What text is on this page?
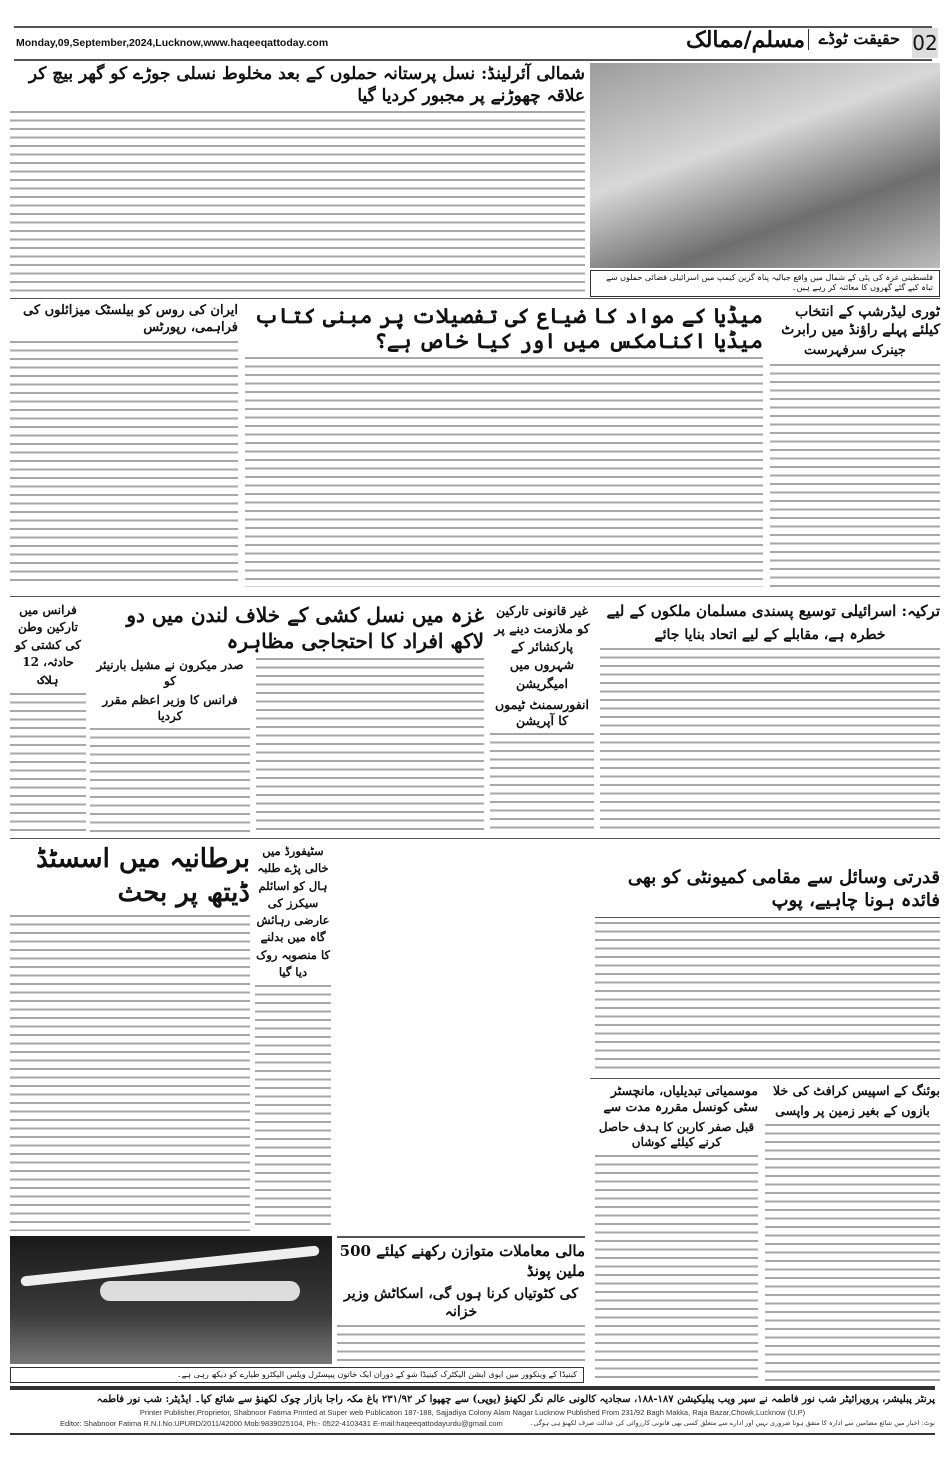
02
حقیقت ٹوڈے
مسلم/ممالک
Monday,09,September,2024,Lucknow,www.haqeeqattoday.com
فلسطینی غزہ کی پٹی کے شمال میں واقع جبالیہ پناہ گزین کیمپ میں اسرائیلی فضائی حملوں سے تباہ کیے گئے گھروں کا معائنہ کر رہے ہیں۔
شمالی آئرلینڈ: نسل پرستانہ حملوں کے بعد مخلوط نسلی جوڑے کو گھر بیچ کر علاقہ چھوڑنے پر مجبور کردیا گیا
ٹوری لیڈرشپ کے انتخاب کیلئے پہلے راؤنڈ میں رابرٹ
جینرک سرفہرست
میڈیا کے مواد کا ضیاع کی تفصیلات پر مبنی کتاب میڈیا اکنامکس میں اور کیا خاص ہے؟
ایران کی روس کو بیلسٹک میزائلوں کی فراہمی، رپورٹس
ترکیہ: اسرائیلی توسیع پسندی مسلمان ملکوں کے لیے
خطرہ ہے، مقابلے کے لیے اتحاد بنایا جائے
غیر قانونی تارکین کو ملازمت دینے پر پارکشائر کے شہروں میں امیگریشن
انفورسمنٹ ٹیموں کا آپریشن
غزہ میں نسل کشی کے خلاف لندن میں دو لاکھ افراد کا احتجاجی مظاہرہ
صدر میکرون نے مشیل بارنیئر کو
فرانس کا وزیر اعظم مقرر کردیا
فرانس میں تارکین وطن کی کشتی کو حادثہ، 12 ہلاک
برطانیہ میں اسسٹڈ ڈیتھ پر بحث
سٹیفورڈ میں خالی پڑے طلبہ ہال کو اسائلم سیکرز کی عارضی رہائش گاہ میں بدلنے کا منصوبہ روک دیا گیا
قدرتی وسائل سے مقامی کمیونٹی کو بھی فائدہ ہونا چاہیے، پوپ
بوئنگ کے اسپیس کرافٹ کی خلا
بازوں کے بغیر زمین پر واپسی
موسمیاتی تبدیلیاں، مانچسٹر سٹی کونسل مقررہ مدت سے
قبل صفر کاربن کا ہدف حاصل کرنے کیلئے کوشاں
مالی معاملات متوازن رکھنے کیلئے 500 ملین پونڈ
کی کٹوتیاں کرنا ہوں گی، اسکاٹش وزیر خزانہ
کینیڈا کے وینکوور میں ایوی ایشن الیکٹرک کینیڈا شو کے دوران ایک خاتون پیپسٹرل ویلس الیکٹرو طیارے کو دیکھ رہی ہے۔
پرنٹر پبلیشر، پروپرائیٹر شب نور فاطمہ نے سپر ویب پبلیکیشن ۱۸۷-۱۸۸، سجادیہ کالونی عالم نگر لکھنؤ (یوپی) سے چھپوا کر ۲۳۱/۹۲ باغ مکہ راجا بازار چوک لکھنؤ سے شائع کیا۔ ایڈیٹر: شب نور فاطمہ
Printer Publisher,Proprietor, Shabnoor Fatima Printed at Super web Publication 187-188, Sajjadiya Colony Alam Nagar Lucknow Published From 231/92 Bagh Makka, Raja Bazar,Chowk,Lucknow (U.P)
Editor: Shabnoor Fatima R.N.I.No.UPURD/2011/42000 Mob:9839025104, Ph:- 0522-4103431 E-mail:haqeeqattodayurdu@gmail.com	نوٹ: اخبار میں شائع مضامین سے ادارہ کا متفق ہونا ضروری نہیں اور ادارے سے متعلق کسی بھی قانونی کارروائی کی عدالت صرف لکھنؤ ہی ہوگی۔
